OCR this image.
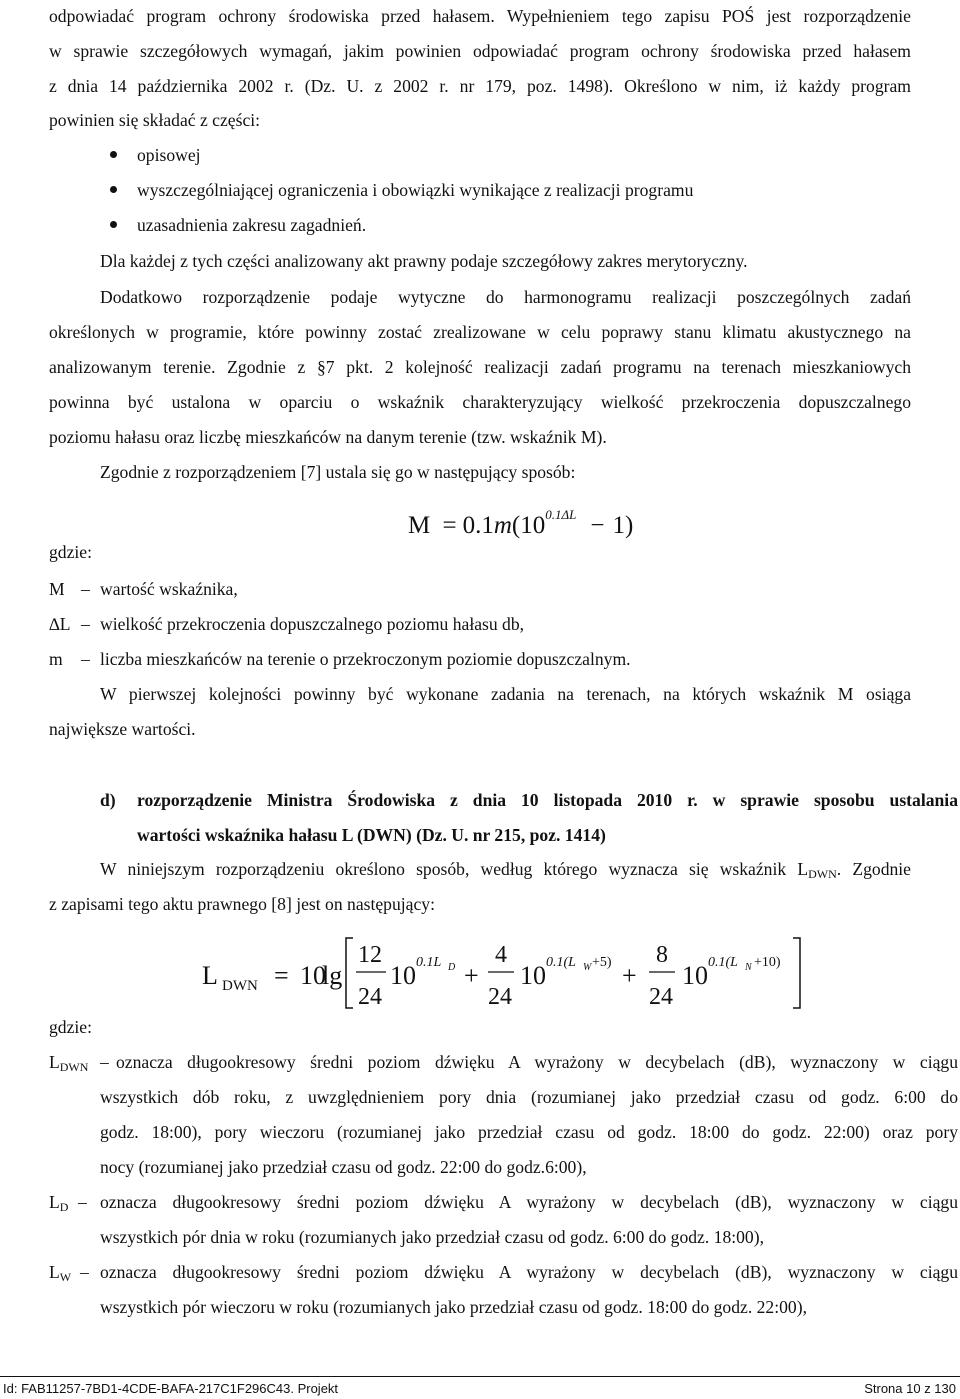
odpowiadać program ochrony środowiska przed hałasem. Wypełnieniem tego zapisu POŚ jest rozporządzenie
w sprawie szczegółowych wymagań, jakim powinien odpowiadać program ochrony środowiska przed hałasem
z dnia 14 października 2002 r. (Dz. U. z 2002 r. nr 179, poz. 1498). Określono w nim, iż każdy program
powinien się składać z części:
opisowej
wyszczególniającej ograniczenia i obowiązki wynikające z realizacji programu
uzasadnienia zakresu zagadnień.
Dla każdej z tych części analizowany akt prawny podaje szczegółowy zakres merytoryczny.
Dodatkowo rozporządzenie podaje wytyczne do harmonogramu realizacji poszczególnych zadań
określonych w programie, które powinny zostać zrealizowane w celu poprawy stanu klimatu akustycznego na
analizowanym terenie. Zgodnie z §7 pkt. 2 kolejność realizacji zadań programu na terenach mieszkaniowych
powinna być ustalona w oparciu o wskaźnik charakteryzujący wielkość przekroczenia dopuszczalnego
poziomu hałasu oraz liczbę mieszkańców na danym terenie (tzw. wskaźnik M).
Zgodnie z rozporządzeniem [7] ustala się go w następujący sposób:
$M = 0.1m(10^{0.1\Delta L} - 1)$
gdzie:
M – wartość wskaźnika,
∆L – wielkość przekroczenia dopuszczalnego poziomu hałasu db,
m – liczba mieszkańców na terenie o przekroczonym poziomie dopuszczalnym.
W pierwszej kolejności powinny być wykonane zadania na terenach, na których wskaźnik M osiąga
największe wartości.
d) rozporządzenie Ministra Środowiska z dnia 10 listopada 2010 r. w sprawie sposobu ustalania
wartości wskaźnika hałasu L (DWN) (Dz. U. nr 215, poz. 1414)
W niniejszym rozporządzeniu określono sposób, według którego wyznacza się wskaźnik $L_{DWN}$. Zgodnie
z zapisami tego aktu prawnego [8] jest on następujący:
L DWN = 10
lg
12
24
10 0.1L D +
4
24
10 0.1(L W +5) +
8
24
10 0.1(L N +10)
gdzie:
$L_{DWN}$ – oznacza długookresowy średni poziom dźwięku A wyrażony w decybelach (dB), wyznaczony w ciągu
wszystkich dób roku, z uwzględnieniem pory dnia (rozumianej jako przedział czasu od godz. 6:00 do
godz. 18:00), pory wieczoru (rozumianej jako przedział czasu od godz. 18:00 do godz. 22:00) oraz pory
nocy (rozumianej jako przedział czasu od godz. 22:00 do godz.6:00),
$L_D$ – oznacza długookresowy średni poziom dźwięku A wyrażony w decybelach (dB), wyznaczony w ciągu
wszystkich pór dnia w roku (rozumianych jako przedział czasu od godz. 6:00 do godz. 18:00),
$L_W$ – oznacza długookresowy średni poziom dźwięku A wyrażony w decybelach (dB), wyznaczony w ciągu
wszystkich pór wieczoru w roku (rozumianych jako przedział czasu od godz. 18:00 do godz. 22:00),
Id: FAB11257-7BD1-4CDE-BAFA-217C1F296C43. Projekt	Strona 10 z 130
